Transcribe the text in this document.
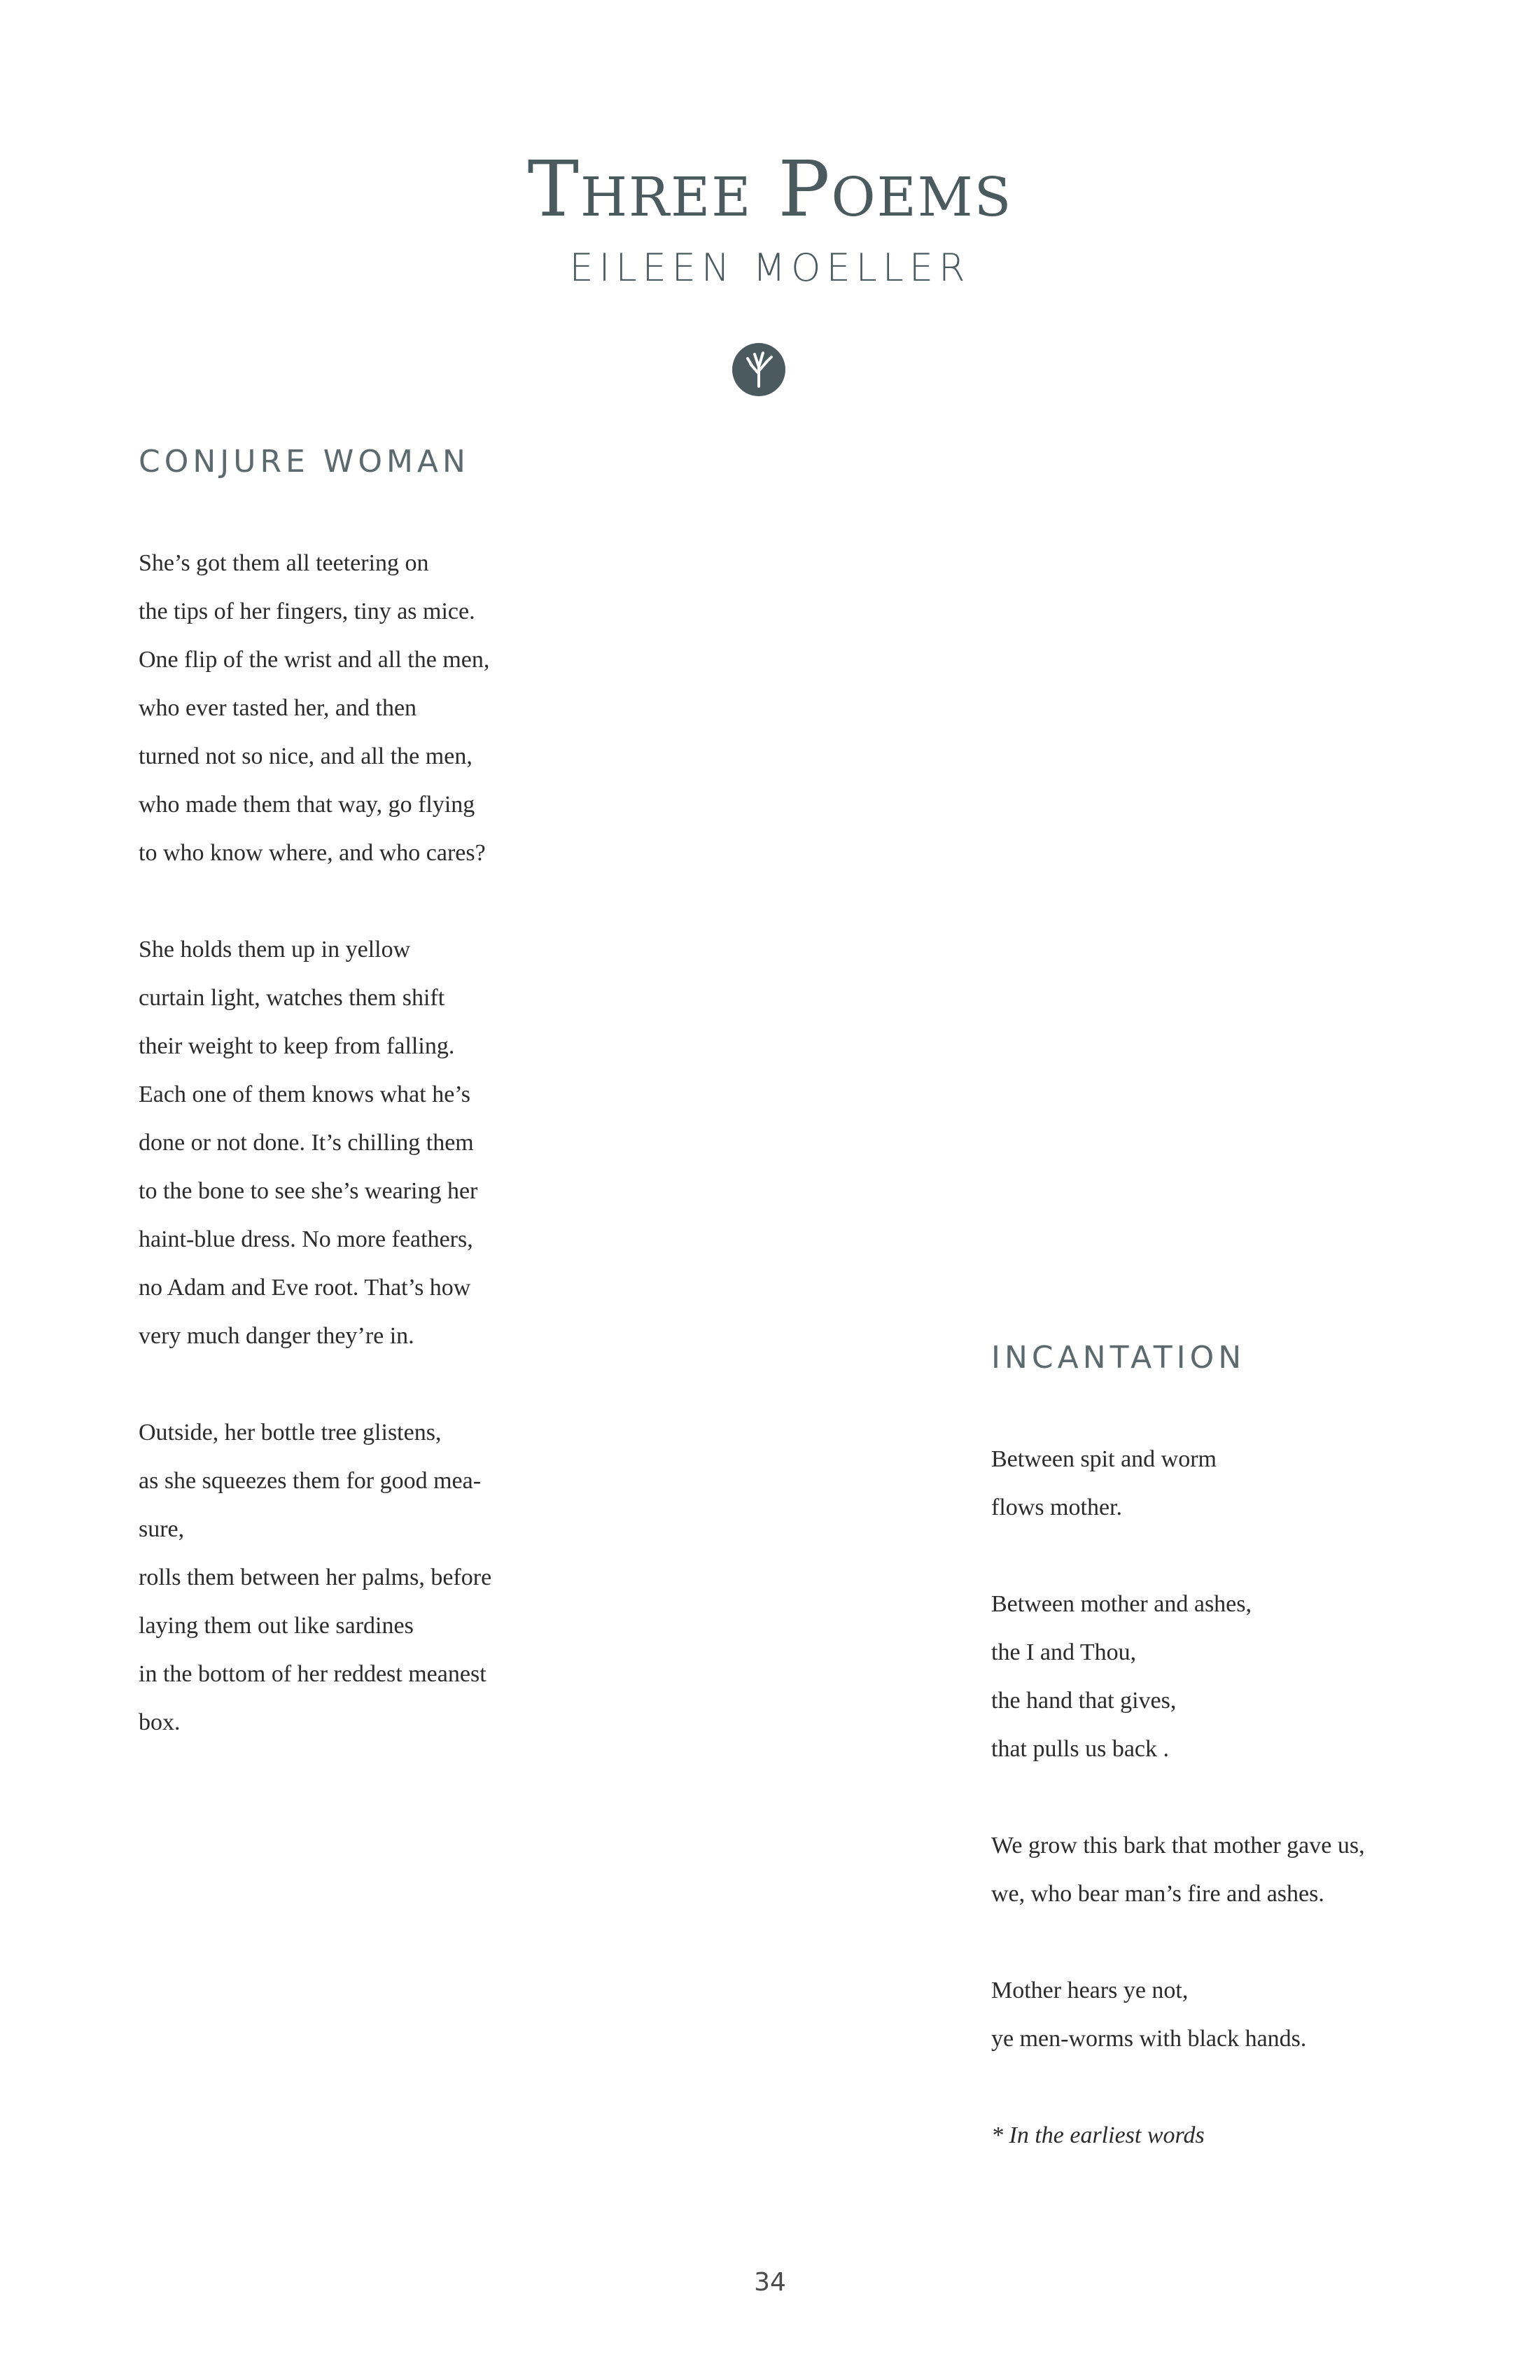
Three Poems
EILEEN MOELLER
CONJURE WOMAN
She’s got them all teetering on
the tips of her fingers, tiny as mice.
One flip of the wrist and all the men,
who ever tasted her, and then
turned not so nice, and all the men,
who made them that way, go flying
to who know where, and who cares?
She holds them up in yellow
curtain light, watches them shift
their weight to keep from falling.
Each one of them knows what he’s
done or not done. It’s chilling them
to the bone to see she’s wearing her
haint-blue dress. No more feathers,
no Adam and Eve root. That’s how
very much danger they’re in.
Outside, her bottle tree glistens,
as she squeezes them for good mea-
sure,
rolls them between her palms, before
laying them out like sardines
in the bottom of her reddest meanest
box.
INCANTATION
Between spit and worm
flows mother.
Between mother and ashes,
the I and Thou,
the hand that gives,
that pulls us back .
We grow this bark that mother gave us,
we, who bear man’s fire and ashes.
Mother hears ye not,
ye men-worms with black hands.
* In the earliest words
34
